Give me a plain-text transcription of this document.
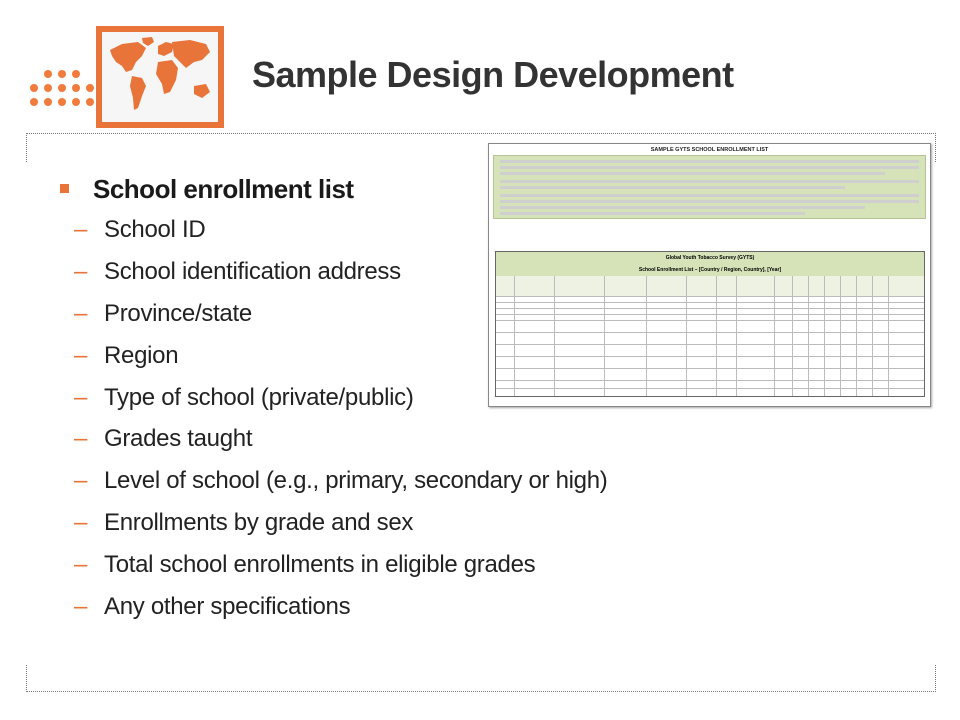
Sample Design Development
School enrollment list
– School ID
– School identification address
– Province/state
– Region
– Type of school (private/public)
– Grades taught
– Level of school (e.g., primary, secondary or high)
– Enrollments by grade and sex
– Total school enrollments in eligible grades
– Any other specifications
SAMPLE GYTS SCHOOL ENROLLMENT LIST
Global Youth Tobacco Survey (GYTS)
School Enrollment List – [Country / Region, Country], [Year]
